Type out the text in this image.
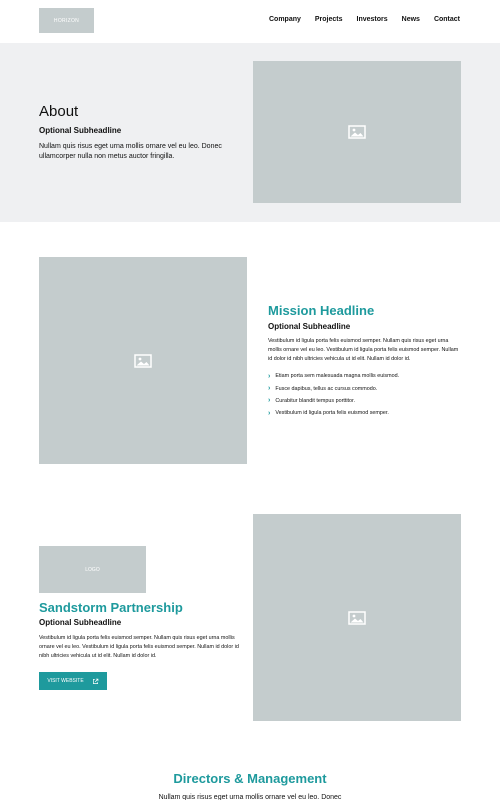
HORIZON	Company Projects Investors News Contact
About
Optional Subheadline

Nullam quis risus eget urna mollis ornare vel eu leo. Donec ullamcorper nulla non metus auctor fringilla.

Mission Headline
Optional Subheadline

Vestibulum id ligula porta felis euismod semper. Nullam quis risus eget urna mollis ornare vel eu leo. Vestibulum id ligula porta felis euismod semper. Nullam id dolor id nibh ultricies vehicula ut id elit. Nullam id dolor id.

› Etiam porta sem malesuada magna mollis euismod.
› Fusce dapibus, tellus ac cursus commodo.
› Curabitur blandit tempus porttitor.
› Vestibulum id ligula porta felis euismod semper.
LOGO
Sandstorm Partnership
Optional Subheadline

Vestibulum id ligula porta felis euismod semper. Nullam quis risus eget urna mollis ornare vel eu leo. Vestibulum id ligula porta felis euismod semper. Nullam id dolor id nibh ultricies vehicula ut id elit. Nullam id dolor id.

VISIT WEBSITE
Directors & Management

Nullam quis risus eget urna mollis ornare vel eu leo. Donec
